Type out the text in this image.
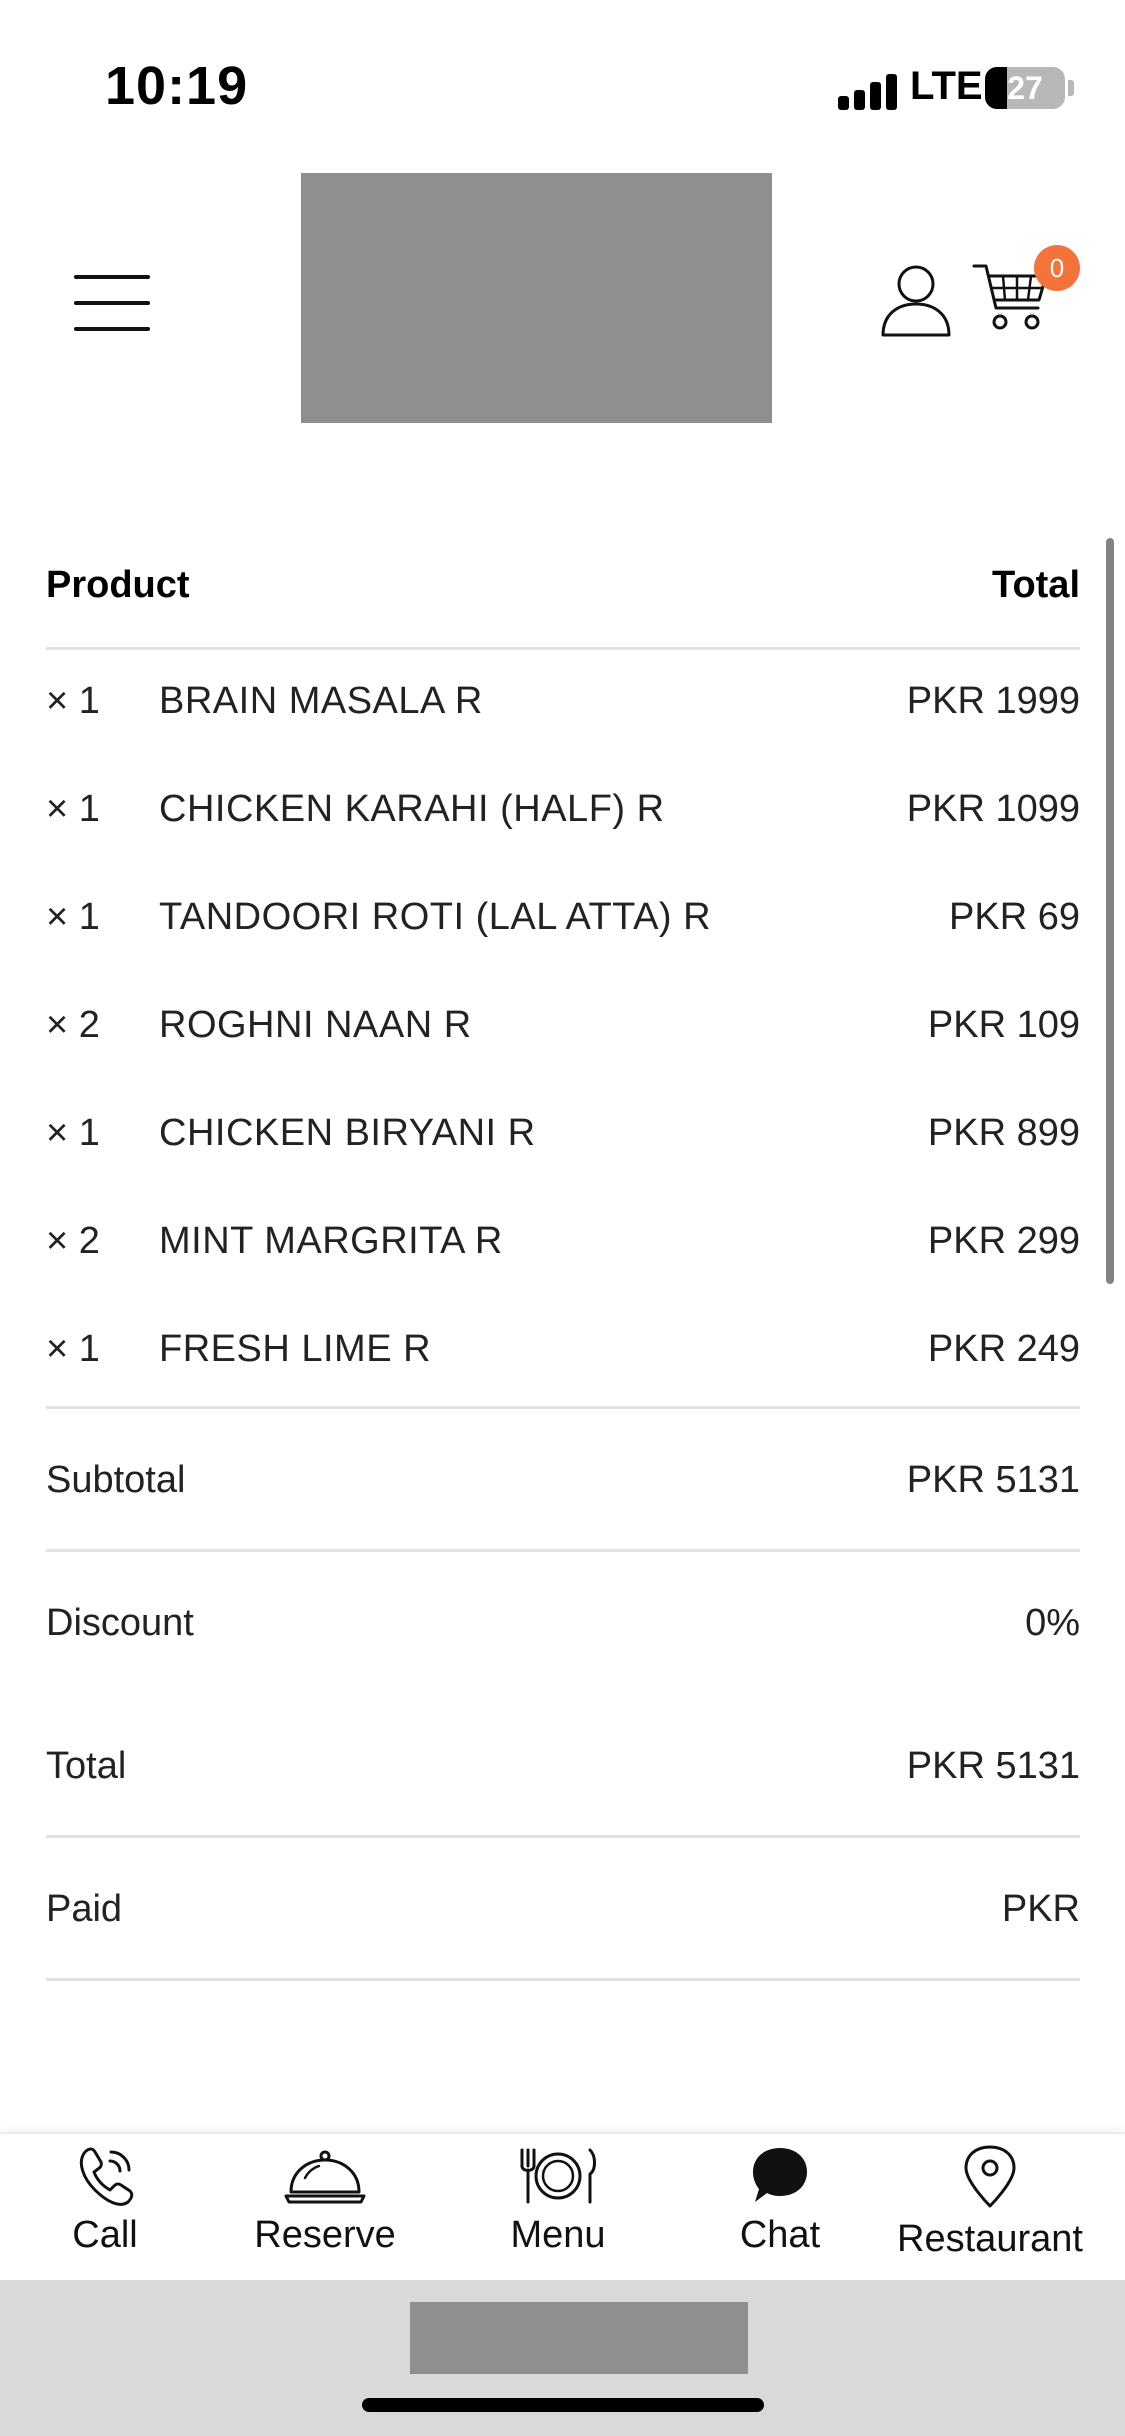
10:19	LTE 27
0
Product	Total
× 1 BRAIN MASALA R	PKR 1999
× 1 CHICKEN KARAHI (HALF) R	PKR 1099
× 1 TANDOORI ROTI (LAL ATTA) R	PKR 69
× 2 ROGHNI NAAN R	PKR 109
× 1 CHICKEN BIRYANI R	PKR 899
× 2 MINT MARGRITA R	PKR 299
× 1 FRESH LIME R	PKR 249
Subtotal	PKR 5131
Discount	0%
Total	PKR 5131
Paid	PKR
Call	Reserve	Menu	Chat	Restaurant
